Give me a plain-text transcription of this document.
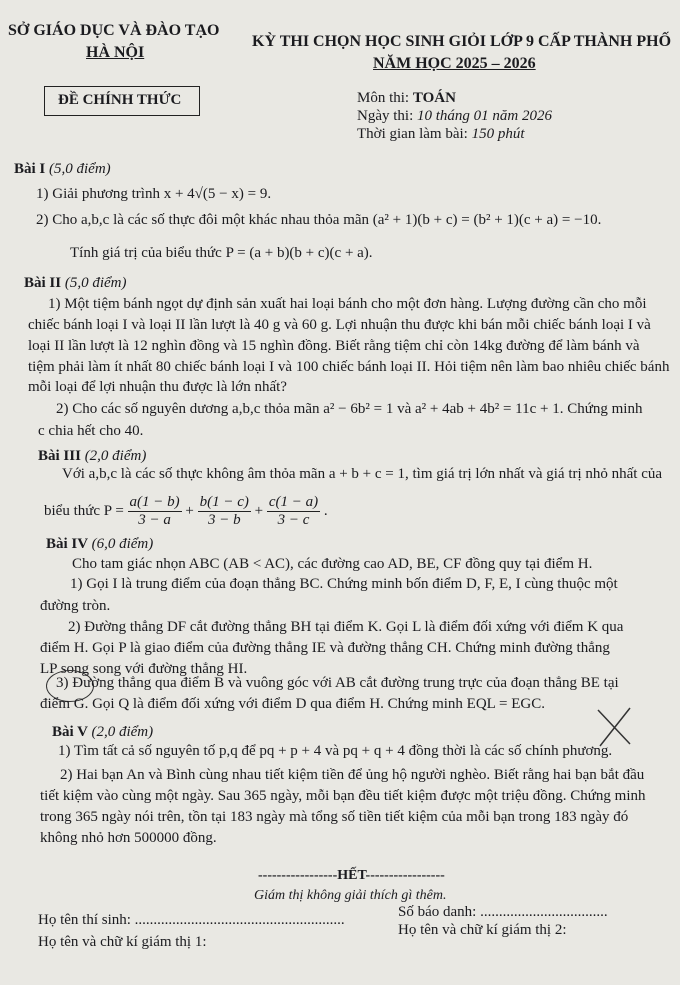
SỞ GIÁO DỤC VÀ ĐÀO TẠO
HÀ NỘI
KỲ THI CHỌN HỌC SINH GIỎI LỚP 9 CẤP THÀNH PHỐ
NĂM HỌC 2025 – 2026
ĐỀ CHÍNH THỨC	Môn thi: TOÁN
Ngày thi: 10 tháng 01 năm 2026
Thời gian làm bài: 150 phút
Bài I (5,0 điểm)
1) Giải phương trình x + 4√(5 − x) = 9.
2) Cho a,b,c là các số thực đôi một khác nhau thỏa mãn (a² + 1)(b + c) = (b² + 1)(c + a) = −10.
Tính giá trị của biểu thức P = (a + b)(b + c)(c + a).
Bài II (5,0 điểm)
1) Một tiệm bánh ngọt dự định sản xuất hai loại bánh cho một đơn hàng. Lượng đường cần cho mỗi
chiếc bánh loại I và loại II lần lượt là 40 g và 60 g. Lợi nhuận thu được khi bán mỗi chiếc bánh loại I và
loại II lần lượt là 12 nghìn đồng và 15 nghìn đồng. Biết rằng tiệm chỉ còn 14kg đường để làm bánh và
tiệm phải làm ít nhất 80 chiếc bánh loại I và 100 chiếc bánh loại II. Hỏi tiệm nên làm bao nhiêu chiếc bánh
mỗi loại để lợi nhuận thu được là lớn nhất?
2) Cho các số nguyên dương a,b,c thỏa mãn a² − 6b² = 1 và a² + 4ab + 4b² = 11c + 1. Chứng minh
c chia hết cho 40.
Bài III (2,0 điểm)
Với a,b,c là các số thực không âm thỏa mãn a + b + c = 1, tìm giá trị lớn nhất và giá trị nhỏ nhất của
biểu thức $P = \frac{a(1 - b)}{3 - a} + \frac{b(1 - c)}{3 - b} + \frac{c(1 - a)}{3 - c}$ .
Bài IV (6,0 điểm)
Cho tam giác nhọn ABC (AB < AC), các đường cao AD, BE, CF đồng quy tại điểm H.
1) Gọi I là trung điểm của đoạn thẳng BC. Chứng minh bốn điểm D, F, E, I cùng thuộc một
đường tròn.
2) Đường thẳng DF cắt đường thẳng BH tại điểm K. Gọi L là điểm đối xứng với điểm K qua
điểm H. Gọi P là giao điểm của đường thẳng IE và đường thẳng CH. Chứng minh đường thẳng
LP song song với đường thẳng HI.
3) Đường thẳng qua điểm B và vuông góc với AB cắt đường trung trực của đoạn thẳng BE tại
điểm G. Gọi Q là điểm đối xứng với điểm D qua điểm H. Chứng minh EQL = EGC.
Bài V (2,0 điểm)
1) Tìm tất cả số nguyên tố p,q để pq + p + 4 và pq + q + 4 đồng thời là các số chính phương.
2) Hai bạn An và Bình cùng nhau tiết kiệm tiền để ủng hộ người nghèo. Biết rằng hai bạn bắt đầu
tiết kiệm vào cùng một ngày. Sau 365 ngày, mỗi bạn đều tiết kiệm được một triệu đồng. Chứng minh
trong 365 ngày nói trên, tồn tại 183 ngày mà tổng số tiền tiết kiệm của mỗi bạn trong 183 ngày đó
không nhỏ hơn 500000 đồng.
-----------------HẾT-----------------
Giám thị không giải thích gì thêm.
Họ tên thí sinh: ........................................................	Số báo danh: ..................................
Họ tên và chữ kí giám thị 1:
Họ tên và chữ kí giám thị 2:
